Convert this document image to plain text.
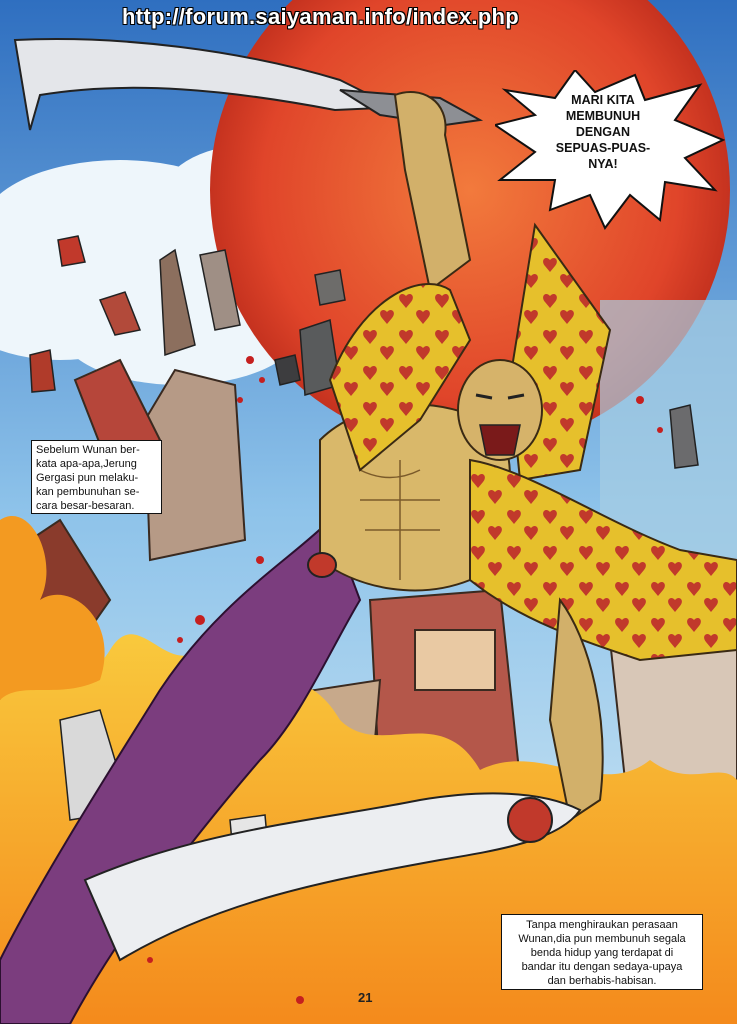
http://forum.saiyaman.info/index.php
MARI KITA
MEMBUNUH
DENGAN
SEPUAS-PUAS-
NYA!
Sebelum Wunan ber-
kata apa-apa,Jerung
Gergasi pun melaku-
kan pembunuhan se-
cara besar-besaran.
Tanpa menghiraukan perasaan
Wunan,dia pun membunuh segala
benda hidup yang terdapat di
bandar itu dengan sedaya-upaya
dan berhabis-habisan.
21
